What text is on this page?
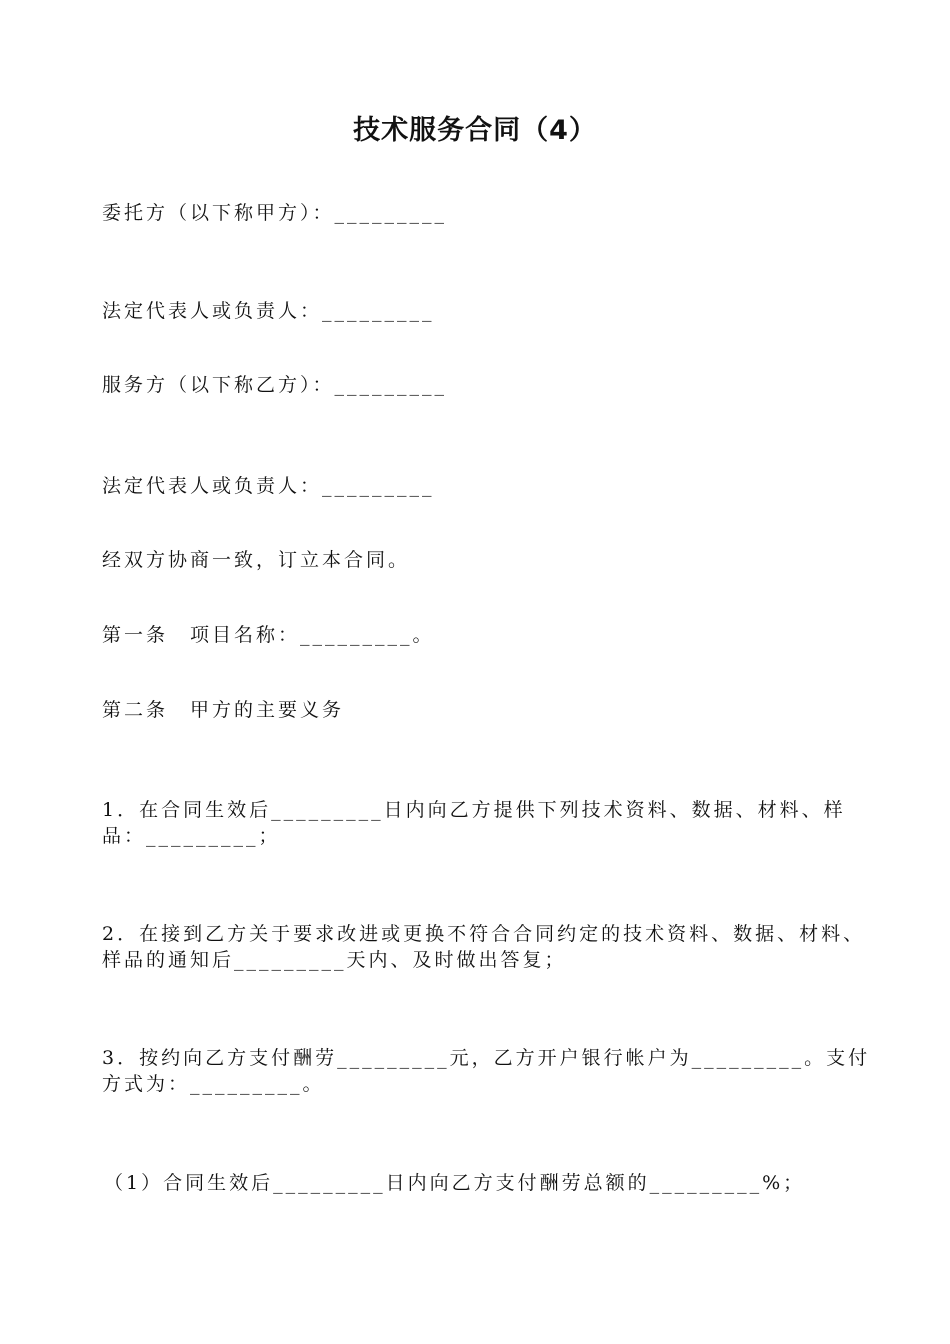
技术服务合同（4）
委托方（以下称甲方）：_________
法定代表人或负责人：_________
服务方（以下称乙方）：_________
法定代表人或负责人：_________
经双方协商一致，订立本合同。
第一条　项目名称：_________。
第二条　甲方的主要义务
1．在合同生效后_________日内向乙方提供下列技术资料、数据、材料、样品：_________；
2．在接到乙方关于要求改进或更换不符合合同约定的技术资料、数据、材料、样品的通知后_________天内、及时做出答复；
3．按约向乙方支付酬劳_________元，乙方开户银行帐户为_________。支付方式为：_________。
（1）合同生效后_________日内向乙方支付酬劳总额的_________%；
